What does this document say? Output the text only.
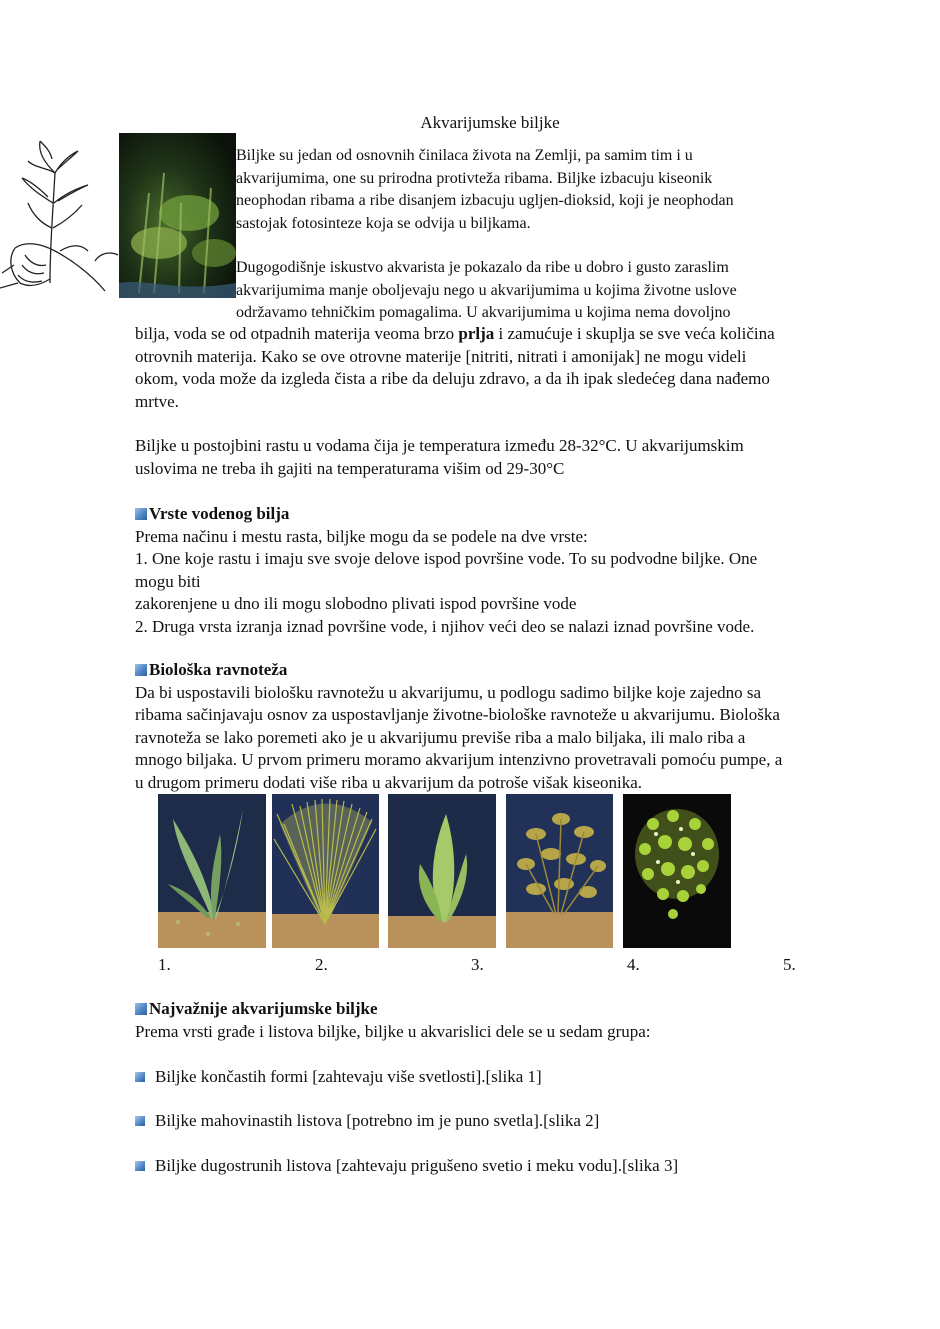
Akvarijumske biljke
Biljke su jedan od osnovnih činilaca života na Zemlji, pa samim tim i u
akvarijumima, one su prirodna protivteža ribama. Biljke izbacuju kiseonik
neophodan ribama a ribe disanjem izbacuju ugljen-dioksid, koji je neophodan
sastojak fotosinteze koja se odvija u biljkama.
Dugogodišnje iskustvo akvarista je pokazalo da ribe u dobro i gusto zaraslim
akvarijumima manje obolјevaju nego u akvarijumima u kojima životne uslove
održavamo tehničkim pomagalima. U akvarijumima u kojima nema dovoljno
bilja, voda se od otpadnih materija veoma brzo prlja i zamućuje i skuplja se sve veća količina
otrovnih materija. Kako se ove otrovne materije [nitriti, nitrati i amonijak] ne mogu videli
okom, voda može da izgleda čista a ribe da deluju zdravo, a da ih ipak sledećeg dana nađemo
mrtve.
Biljke u postojbini rastu u vodama čija je temperatura između 28-32°C. U akvarijumskim
uslovima ne treba ih gajiti na temperaturama višim od 29-30°C
Vrste vodenog bilja
Prema načinu i mestu rasta, biljke mogu da se podele na dve vrste:
1. One koje rastu i imaju sve svoje delove ispod površine vode. To su podvodne biljke. One
mogu biti
zakorenjene u dno ili mogu slobodno plivati ispod površine vode
2. Druga vrsta izranja iznad površine vode, i njihov veći deo se nalazi iznad površine vode.
Biološka ravnoteža
Da bi uspostavili biološku ravnotežu u akvarijumu, u podlogu sadimo biljke koje zajedno sa
ribama sačinjavaju osnov za uspostavljanje životne-biološke ravnoteže u akvarijumu. Biološka
ravnoteža se lako poremeti ako je u akvarijumu previše riba a malo biljaka, ili malo riba a
mnogo biljaka. U prvom primeru moramo akvarijum intenzivno provetravali pomoću pumpe, a
u drugom primeru dodati više riba u akvarijum da potroše višak kiseonika.
1.	2.	3.	4.	5.
Najvažnije akvarijumske biljke
Prema vrsti građe i listova biljke, biljke u akvarislici dele se u sedam grupa:
Biljke končastih formi [zahtevaju više svetlosti].[slika 1]
Biljke mahovinastih listova [potrebno im je puno svetla].[slika 2]
Biljke dugostrunih listova [zahtevaju prigušeno svetio i meku vodu].[slika 3]
